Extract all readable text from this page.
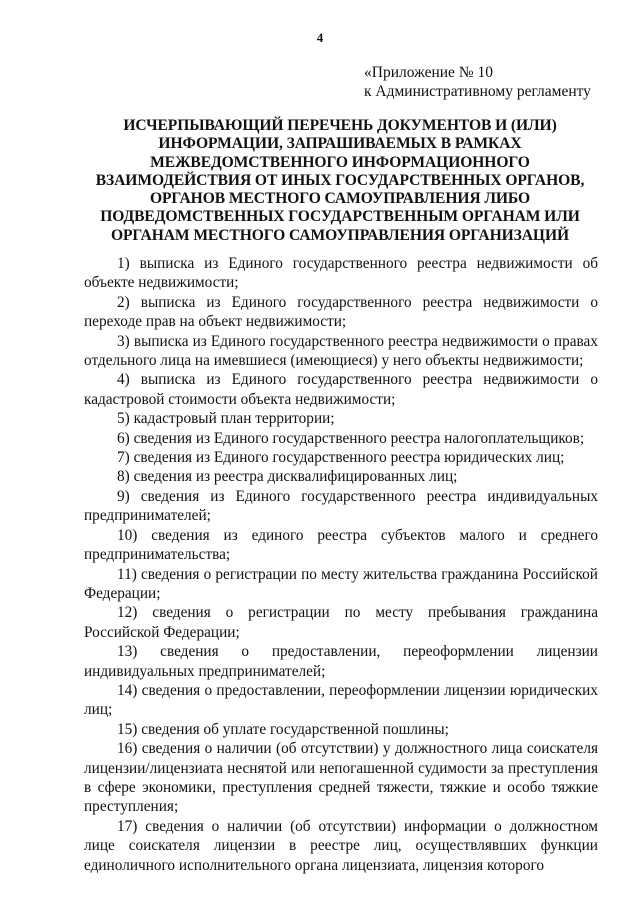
4
«Приложение № 10
к Административному регламенту
ИСЧЕРПЫВАЮЩИЙ ПЕРЕЧЕНЬ ДОКУМЕНТОВ И (ИЛИ) ИНФОРМАЦИИ, ЗАПРАШИВАЕМЫХ В РАМКАХ МЕЖВЕДОМСТВЕННОГО ИНФОРМАЦИОННОГО ВЗАИМОДЕЙСТВИЯ ОТ ИНЫХ ГОСУДАРСТВЕННЫХ ОРГАНОВ, ОРГАНОВ МЕСТНОГО САМОУПРАВЛЕНИЯ ЛИБО ПОДВЕДОМСТВЕННЫХ ГОСУДАРСТВЕННЫМ ОРГАНАМ ИЛИ ОРГАНАМ МЕСТНОГО САМОУПРАВЛЕНИЯ ОРГАНИЗАЦИЙ

1) выписка из Единого государственного реестра недвижимости об объекте недвижимости;

2) выписка из Единого государственного реестра недвижимости о переходе прав на объект недвижимости;

3) выписка из Единого государственного реестра недвижимости о правах отдельного лица на имевшиеся (имеющиеся) у него объекты недвижимости;

4) выписка из Единого государственного реестра недвижимости о кадастровой стоимости объекта недвижимости;

5) кадастровый план территории;

6) сведения из Единого государственного реестра налогоплательщиков;

7) сведения из Единого государственного реестра юридических лиц;

8) сведения из реестра дисквалифицированных лиц;

9) сведения из Единого государственного реестра индивидуальных предпринимателей;

10) сведения из единого реестра субъектов малого и среднего предпринимательства;

11) сведения о регистрации по месту жительства гражданина Российской Федерации;

12) сведения о регистрации по месту пребывания гражданина Российской Федерации;

13) сведения о предоставлении, переоформлении лицензии индивидуальных предпринимателей;

14) сведения о предоставлении, переоформлении лицензии юридических лиц;

15) сведения об уплате государственной пошлины;

16) сведения о наличии (об отсутствии) у должностного лица соискателя лицензии/лицензиата неснятой или непогашенной судимости за преступления в сфере экономики, преступления средней тяжести, тяжкие и особо тяжкие преступления;

17) сведения о наличии (об отсутствии) информации о должностном лице соискателя лицензии в реестре лиц, осуществлявших функции единоличного исполнительного органа лицензиата, лицензия которого
